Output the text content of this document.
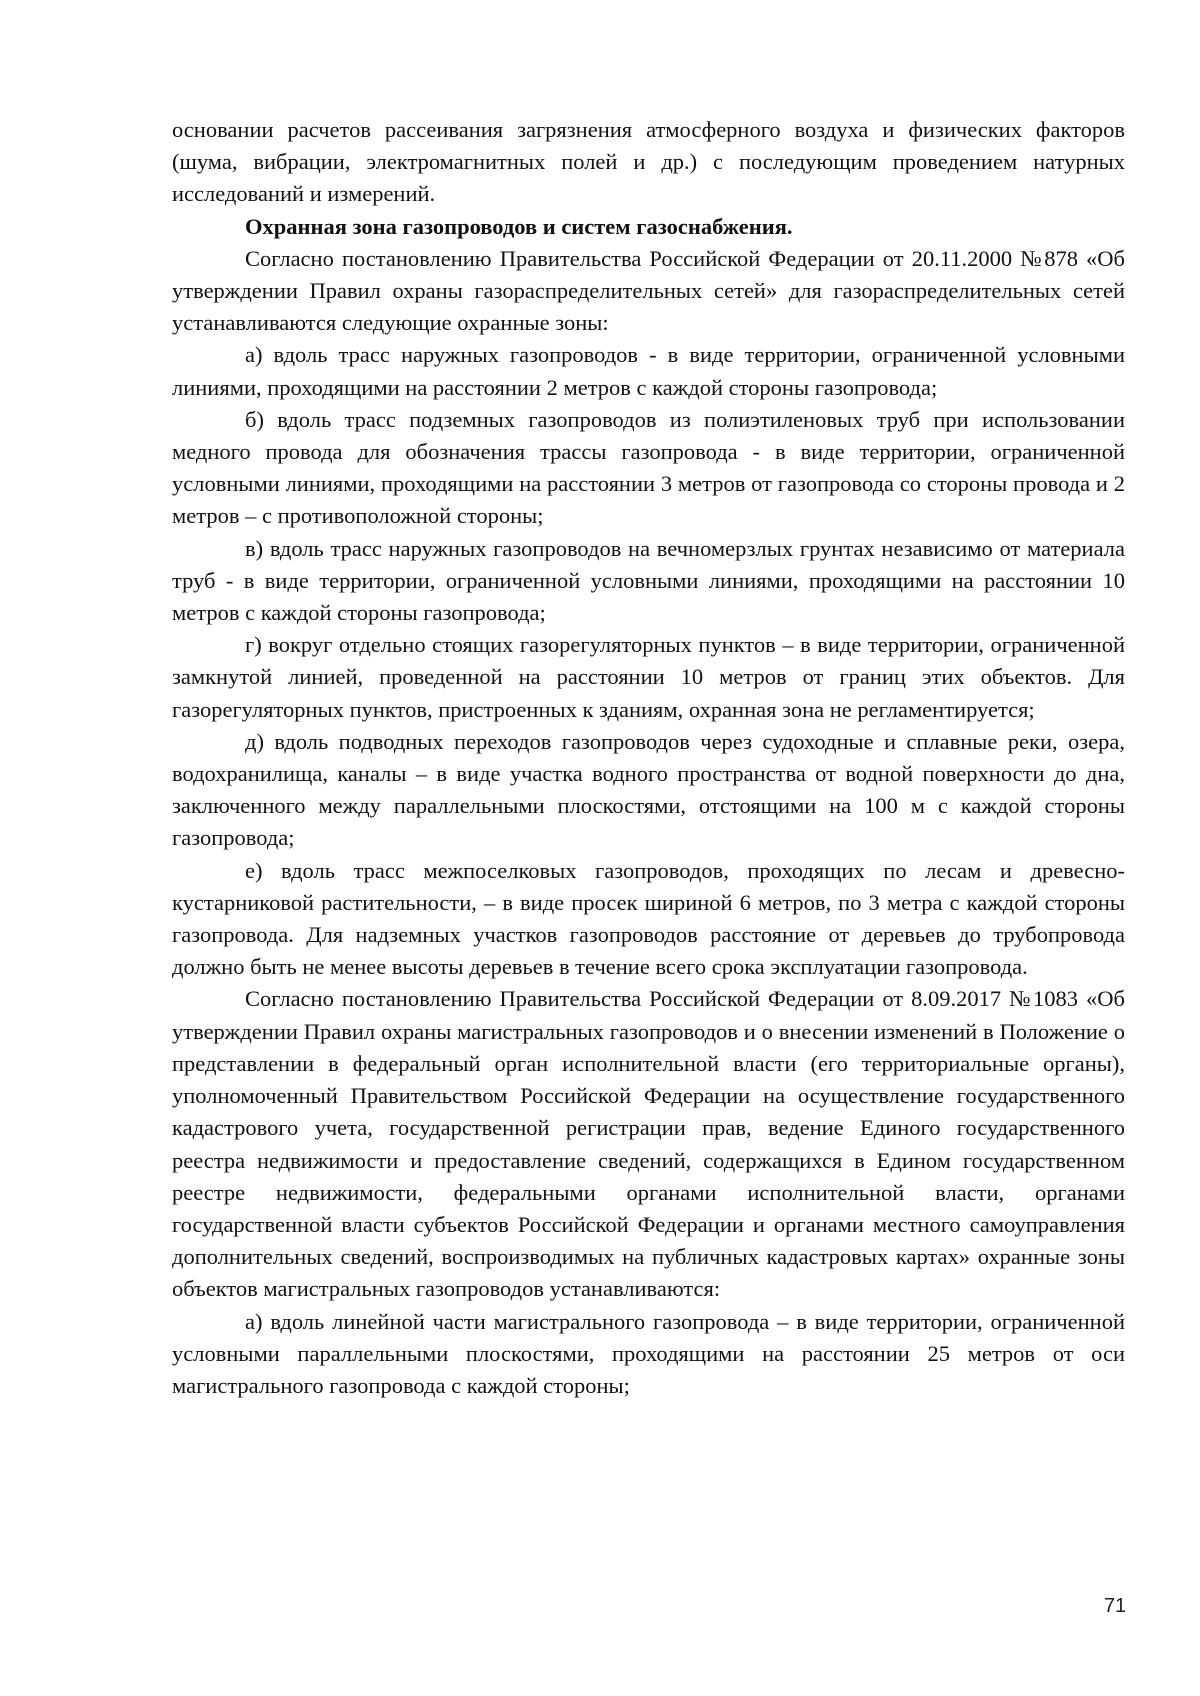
основании расчетов рассеивания загрязнения атмосферного воздуха и физических факторов (шума, вибрации, электромагнитных полей и др.) с последующим проведением натурных исследований и измерений.

Охранная зона газопроводов и систем газоснабжения.

Согласно постановлению Правительства Российской Федерации от 20.11.2000 №878 «Об утверждении Правил охраны газораспределительных сетей» для газораспределительных сетей устанавливаются следующие охранные зоны:

а) вдоль трасс наружных газопроводов - в виде территории, ограниченной условными линиями, проходящими на расстоянии 2 метров с каждой стороны газопровода;

б) вдоль трасс подземных газопроводов из полиэтиленовых труб при использовании медного провода для обозначения трассы газопровода - в виде территории, ограниченной условными линиями, проходящими на расстоянии 3 метров от газопровода со стороны провода и 2 метров – с противоположной стороны;

в) вдоль трасс наружных газопроводов на вечномерзлых грунтах независимо от материала труб - в виде территории, ограниченной условными линиями, проходящими на расстоянии 10 метров с каждой стороны газопровода;

г) вокруг отдельно стоящих газорегуляторных пунктов – в виде территории, ограниченной замкнутой линией, проведенной на расстоянии 10 метров от границ этих объектов. Для газорегуляторных пунктов, пристроенных к зданиям, охранная зона не регламентируется;

д) вдоль подводных переходов газопроводов через судоходные и сплавные реки, озера, водохранилища, каналы – в виде участка водного пространства от водной поверхности до дна, заключенного между параллельными плоскостями, отстоящими на 100 м с каждой стороны газопровода;

е) вдоль трасс межпоселковых газопроводов, проходящих по лесам и древесно-кустарниковой растительности, – в виде просек шириной 6 метров, по 3 метра с каждой стороны газопровода. Для надземных участков газопроводов расстояние от деревьев до трубопровода должно быть не менее высоты деревьев в течение всего срока эксплуатации газопровода.

Согласно постановлению Правительства Российской Федерации от 8.09.2017 №1083 «Об утверждении Правил охраны магистральных газопроводов и о внесении изменений в Положение о представлении в федеральный орган исполнительной власти (его территориальные органы), уполномоченный Правительством Российской Федерации на осуществление государственного кадастрового учета, государственной регистрации прав, ведение Единого государственного реестра недвижимости и предоставление сведений, содержащихся в Едином государственном реестре недвижимости, федеральными органами исполнительной власти, органами государственной власти субъектов Российской Федерации и органами местного самоуправления дополнительных сведений, воспроизводимых на публичных кадастровых картах» охранные зоны объектов магистральных газопроводов устанавливаются:

а) вдоль линейной части магистрального газопровода – в виде территории, ограниченной условными параллельными плоскостями, проходящими на расстоянии 25 метров от оси магистрального газопровода с каждой стороны;

71
